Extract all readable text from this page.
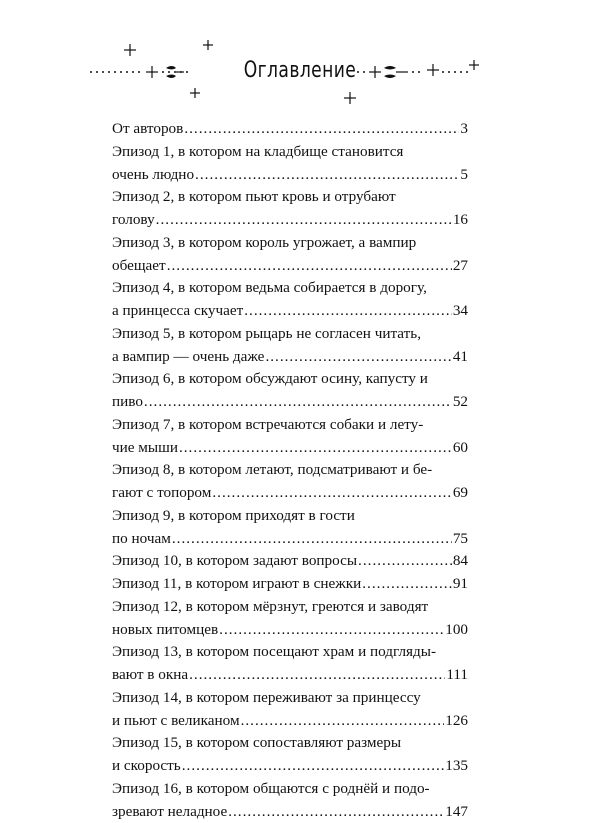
Оглавление
От авторов .....	3
Эпизод 1, в котором на кладбище становится
очень людно .....	5
Эпизод 2, в котором пьют кровь и отрубают
голову .....	16
Эпизод 3, в котором король угрожает, а вампир
обещает .....	27
Эпизод 4, в котором ведьма собирается в дорогу,
а принцесса скучает .....	34
Эпизод 5, в котором рыцарь не согласен читать,
а вампир — очень даже .....	41
Эпизод 6, в котором обсуждают осину, капусту и
пиво .....	52
Эпизод 7, в котором встречаются собаки и лету-
чие мыши .....	60
Эпизод 8, в котором летают, подсматривают и бе-
гают с топором .....	69
Эпизод 9, в котором приходят в гости
по ночам .....	75
Эпизод 10, в котором задают вопросы .....	84
Эпизод 11, в котором играют в снежки .....	91
Эпизод 12, в котором мёрзнут, греются и заводят
новых питомцев .....	100
Эпизод 13, в котором посещают храм и подгляды-
вают в окна .....	111
Эпизод 14, в котором переживают за принцессу
и пьют с великаном .....	126
Эпизод 15, в котором сопоставляют размеры
и скорость .....	135
Эпизод 16, в котором общаются с роднёй и подо-
зревают неладное .....	147
